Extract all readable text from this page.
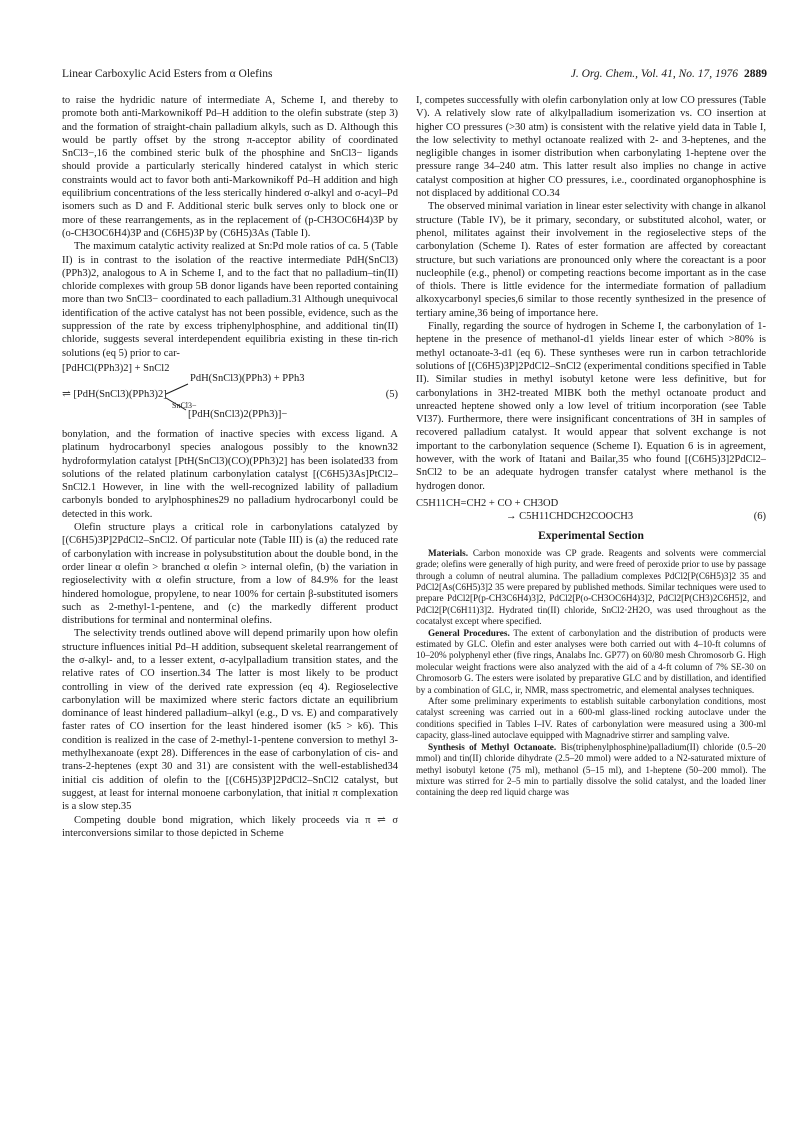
Linear Carboxylic Acid Esters from α Olefins	J. Org. Chem., Vol. 41, No. 17, 1976 2889

to raise the hydridic nature of intermediate A, Scheme I, and thereby to promote both anti-Markownikoff Pd–H addition to the olefin substrate (step 3) and the formation of straight-chain palladium alkyls, such as D. Although this would be partly offset by the strong π-acceptor ability of coordinated SnCl3−,16 the combined steric bulk of the phosphine and SnCl3− ligands should provide a particularly sterically hindered catalyst in which steric constraints would act to favor both anti-Markownikoff Pd–H addition and high equilibrium concentrations of the less sterically hindered σ-alkyl and σ-acyl–Pd isomers such as D and F. Additional steric bulk serves only to block one or more of these rearrangements, as in the replacement of (p-CH3OC6H4)3P by (o-CH3OC6H4)3P and (C6H5)3P by (C6H5)3As (Table I).

The maximum catalytic activity realized at Sn:Pd mole ratios of ca. 5 (Table II) is in contrast to the isolation of the reactive intermediate PdH(SnCl3)(PPh3)2, analogous to A in Scheme I, and to the fact that no palladium–tin(II) chloride complexes with group 5B donor ligands have been reported containing more than two SnCl3− coordinated to each palladium.31 Although unequivocal identification of the active catalyst has not been possible, evidence, such as the suppression of the rate by excess triphenylphosphine, and additional tin(II) chloride, suggests several interdependent equilibria existing in these tin-rich solutions (eq 5) prior to car-

[PdHCl(PPh3)2] + SnCl2
PdH(SnCl3)(PPh3) + PPh3
⇌ [PdH(SnCl3)(PPh3)2]
SnCl3−
[PdH(SnCl3)2(PPh3)]−
(5)

bonylation, and the formation of inactive species with excess ligand. A platinum hydrocarbonyl species analogous possibly to the known32 hydroformylation catalyst [PtH(SnCl3)(CO)(PPh3)2] has been isolated33 from solutions of the related platinum carbonylation catalyst [(C6H5)3As]PtCl2–SnCl2.1 However, in line with the well-recognized lability of palladium carbonyls bonded to arylphosphines29 no palladium hydrocarbonyl could be detected in this work.

Olefin structure plays a critical role in carbonylations catalyzed by [(C6H5)3P]2PdCl2–SnCl2. Of particular note (Table III) is (a) the reduced rate of carbonylation with increase in polysubstitution about the double bond, in the order linear α olefin > branched α olefin > internal olefin, (b) the variation in regioselectivity with α olefin structure, from a low of 84.9% for the least hindered homologue, propylene, to near 100% for certain β-substituted isomers such as 2-methyl-1-pentene, and (c) the markedly different product distributions for terminal and nonterminal olefins.

The selectivity trends outlined above will depend primarily upon how olefin structure influences initial Pd–H addition, subsequent skeletal rearrangement of the σ-alkyl- and, to a lesser extent, σ-acylpalladium transition states, and the relative rates of CO insertion.34 The latter is most likely to be product controlling in view of the derived rate expression (eq 4). Regioselective carbonylation will be maximized where steric factors dictate an equilibrium dominance of least hindered palladium–alkyl (e.g., D vs. E) and comparatively faster rates of CO insertion for the least hindered isomer (k5 > k6). This condition is realized in the case of 2-methyl-1-pentene conversion to methyl 3-methylhexanoate (expt 28). Differences in the ease of carbonylation of cis- and trans-2-heptenes (expt 30 and 31) are consistent with the well-established34 initial cis addition of olefin to the [(C6H5)3P]2PdCl2–SnCl2 catalyst, but suggest, at least for internal monoene carbonylation, that initial π complexation is a slow step.35

Competing double bond migration, which likely proceeds via π ⇌ σ interconversions similar to those depicted in Scheme

I, competes successfully with olefin carbonylation only at low CO pressures (Table V). A relatively slow rate of alkylpalladium isomerization vs. CO insertion at higher CO pressures (>30 atm) is consistent with the relative yield data in Table I, the low selectivity to methyl octanoate realized with 2- and 3-heptenes, and the negligible changes in isomer distribution when carbonylating 1-heptene over the pressure range 34–240 atm. This latter result also implies no change in active catalyst composition at higher CO pressures, i.e., coordinated organophosphine is not displaced by additional CO.34

The observed minimal variation in linear ester selectivity with change in alkanol structure (Table IV), be it primary, secondary, or substituted alcohol, water, or phenol, militates against their involvement in the regioselective steps of the carbonylation (Scheme I). Rates of ester formation are affected by coreactant structure, but such variations are pronounced only where the coreactant is a poor nucleophile (e.g., phenol) or competing reactions become important as in the case of thiols. There is little evidence for the intermediate formation of palladium alkoxycarbonyl species,6 similar to those recently synthesized in the presence of tertiary amine,36 being of importance here.

Finally, regarding the source of hydrogen in Scheme I, the carbonylation of 1-heptene in the presence of methanol-d1 yields linear ester of which >80% is methyl octanoate-3-d1 (eq 6). These syntheses were run in carbon tetrachloride solutions of [(C6H5)3P]2PdCl2–SnCl2 (experimental conditions specified in Table II). Similar studies in methyl isobutyl ketone were less definitive, but for carbonylations in 3H2-treated MIBK both the methyl octanoate product and unreacted heptene showed only a low level of tritium incorporation (see Table VI37). Furthermore, there were insignificant concentrations of 3H in samples of recovered palladium catalyst. It would appear that solvent exchange is not important to the carbonylation sequence (Scheme I). Equation 6 is in agreement, however, with the work of Itatani and Bailar,35 who found [(C6H5)3]2PdCl2–SnCl2 to be an adequate hydrogen transfer catalyst where methanol is the hydrogen donor.

C5H11CH=CH2 + CO + CH3OD
→ C5H11CHDCH2COOCH3	(6)
Experimental Section

Materials. Carbon monoxide was CP grade. Reagents and solvents were commercial grade; olefins were generally of high purity, and were freed of peroxide prior to use by passage through a column of neutral alumina. The palladium complexes PdCl2[P(C6H5)3]2 35 and PdCl2[As(C6H5)3]2 35 were prepared by published methods. Similar techniques were used to prepare PdCl2[P(p-CH3C6H4)3]2, PdCl2[P(o-CH3OC6H4)3]2, PdCl2[P(CH3)2C6H5]2, and PdCl2[P(C6H11)3]2. Hydrated tin(II) chloride, SnCl2·2H2O, was used throughout as the cocatalyst except where specified.

General Procedures. The extent of carbonylation and the distribution of products were estimated by GLC. Olefin and ester analyses were both carried out with 4–10-ft columns of 10–20% polyphenyl ether (five rings, Analabs Inc. GP77) on 60/80 mesh Chromosorb G. High molecular weight fractions were also analyzed with the aid of a 4-ft column of 7% SE-30 on Chromosorb G. The esters were isolated by preparative GLC and by distillation, and identified by a combination of GLC, ir, NMR, mass spectrometric, and elemental analyses techniques.

After some preliminary experiments to establish suitable carbonylation conditions, most catalyst screening was carried out in a 600-ml glass-lined rocking autoclave under the conditions specified in Tables I–IV. Rates of carbonylation were measured using a 300-ml capacity, glass-lined autoclave equipped with Magnadrive stirrer and sampling valve.

Synthesis of Methyl Octanoate. Bis(triphenylphosphine)palladium(II) chloride (0.5–20 mmol) and tin(II) chloride dihydrate (2.5–20 mmol) were added to a N2-saturated mixture of methyl isobutyl ketone (75 ml), methanol (5–15 ml), and 1-heptene (50–200 mmol). The mixture was stirred for 2–5 min to partially dissolve the solid catalyst, and the loaded liner containing the deep red liquid charge was
